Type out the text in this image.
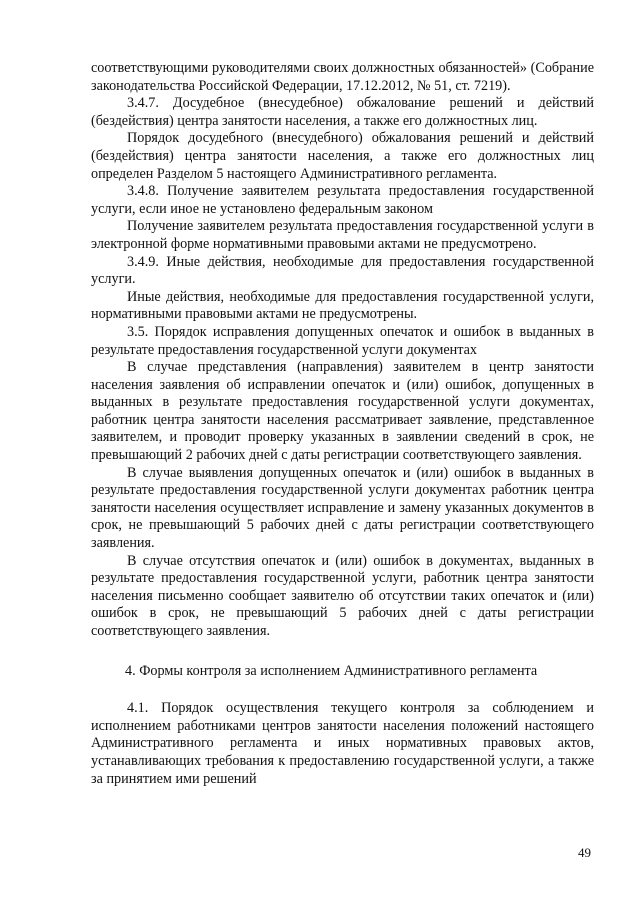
соответствующими руководителями своих должностных обязанностей» (Собрание законодательства Российской Федерации, 17.12.2012, № 51, ст. 7219).

3.4.7. Досудебное (внесудебное) обжалование решений и действий (бездействия) центра занятости населения, а также его должностных лиц.

Порядок досудебного (внесудебного) обжалования решений и действий (бездействия) центра занятости населения, а также его должностных лиц определен Разделом 5 настоящего Административного регламента.

3.4.8. Получение заявителем результата предоставления государственной услуги, если иное не установлено федеральным законом

Получение заявителем результата предоставления государственной услуги в электронной форме нормативными правовыми актами не предусмотрено.

3.4.9. Иные действия, необходимые для предоставления государственной услуги.

Иные действия, необходимые для предоставления государственной услуги, нормативными правовыми актами не предусмотрены.

3.5. Порядок исправления допущенных опечаток и ошибок в выданных в результате предоставления государственной услуги документах

В случае представления (направления) заявителем в центр занятости населения заявления об исправлении опечаток и (или) ошибок, допущенных в выданных в результате предоставления государственной услуги документах, работник центра занятости населения рассматривает заявление, представленное заявителем, и проводит проверку указанных в заявлении сведений в срок, не превышающий 2 рабочих дней с даты регистрации соответствующего заявления.

В случае выявления допущенных опечаток и (или) ошибок в выданных в результате предоставления государственной услуги документах работник центра занятости населения осуществляет исправление и замену указанных документов в срок, не превышающий 5 рабочих дней с даты регистрации соответствующего заявления.

В случае отсутствия опечаток и (или) ошибок в документах, выданных в результате предоставления государственной услуги, работник центра занятости населения письменно сообщает заявителю об отсутствии таких опечаток и (или) ошибок в срок, не превышающий 5 рабочих дней с даты регистрации соответствующего заявления.

4. Формы контроля за исполнением Административного регламента

4.1. Порядок осуществления текущего контроля за соблюдением и исполнением работниками центров занятости населения положений настоящего Административного регламента и иных нормативных правовых актов, устанавливающих требования к предоставлению государственной услуги, а также за принятием ими решений

49
